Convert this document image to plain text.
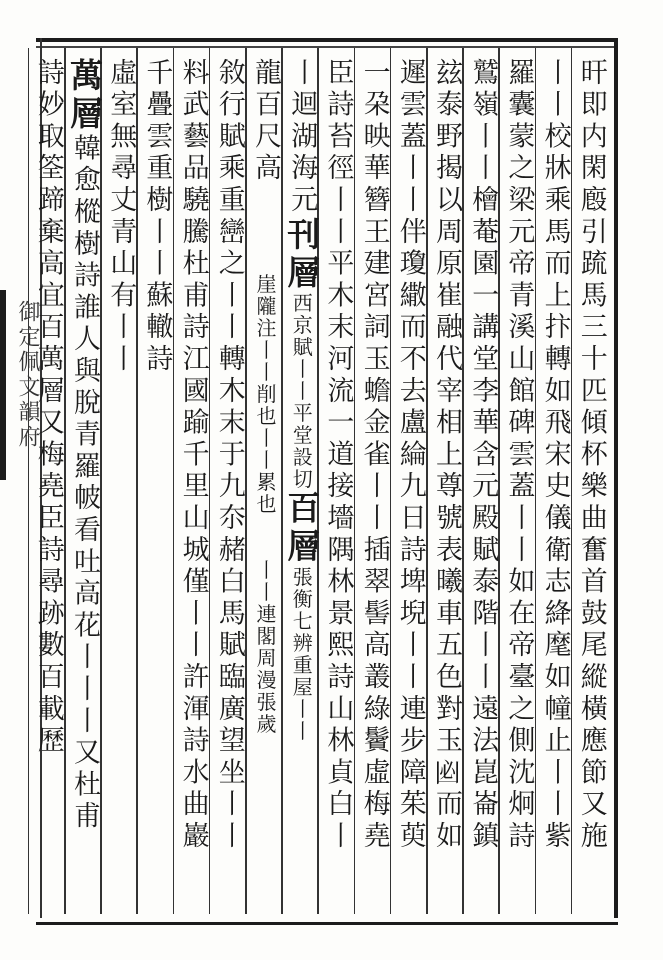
旰即内閑廏引䟽馬三十匹傾杯樂曲奮首鼓尾縱橫應節又施
丨丨校牀乘馬而上抃轉如飛宋史儀衛志絳麾如幢止丨丨紫
羅囊蒙之梁元帝青溪山館碑雲蓋丨丨如在帝臺之側沈炯詩
鷲嶺丨丨檜菴園一講堂李華含元殿賦泰階丨丨遠法崑崙鎮
玆泰野揭以周原崔融代宰相上尊號表曦車五色對玉𠚊而如
遲雲蓋丨丨伴瓊繖而不去盧綸九日詩埤堄丨丨連步障茱萸
一朶映華簪王建宮詞玉蟾金雀丨丨插翠髻高叢綠鬢虛梅堯
臣詩苔徑丨丨平木末河流一道接墻隅林景熙詩山林貞白丨
丨迴湖海元刊層西京賦丨丨平堂設切百層張衡七辨重屋丨丨
龍百尺高　　　　崖隴注丨丨削也丨丨累也　　丨丨連閣周漫張歲
敘行賦乘重巒之丨丨轉木末于九夵赭白馬賦臨廣望坐丨丨
料武藝品驍騰杜甫詩江國踰千里山城僅丨丨許渾詩水曲巖
千疊雲重樹丨丨蘇轍詩
虛室無尋丈青山有丨丨
萬層韓愈樅樹詩誰人與脫青羅帔看吐高花丨丨丨又杜甫
詩妙取筌蹄棄高宜百萬層又梅堯臣詩尋跡數百載歷
御定佩文韻府
